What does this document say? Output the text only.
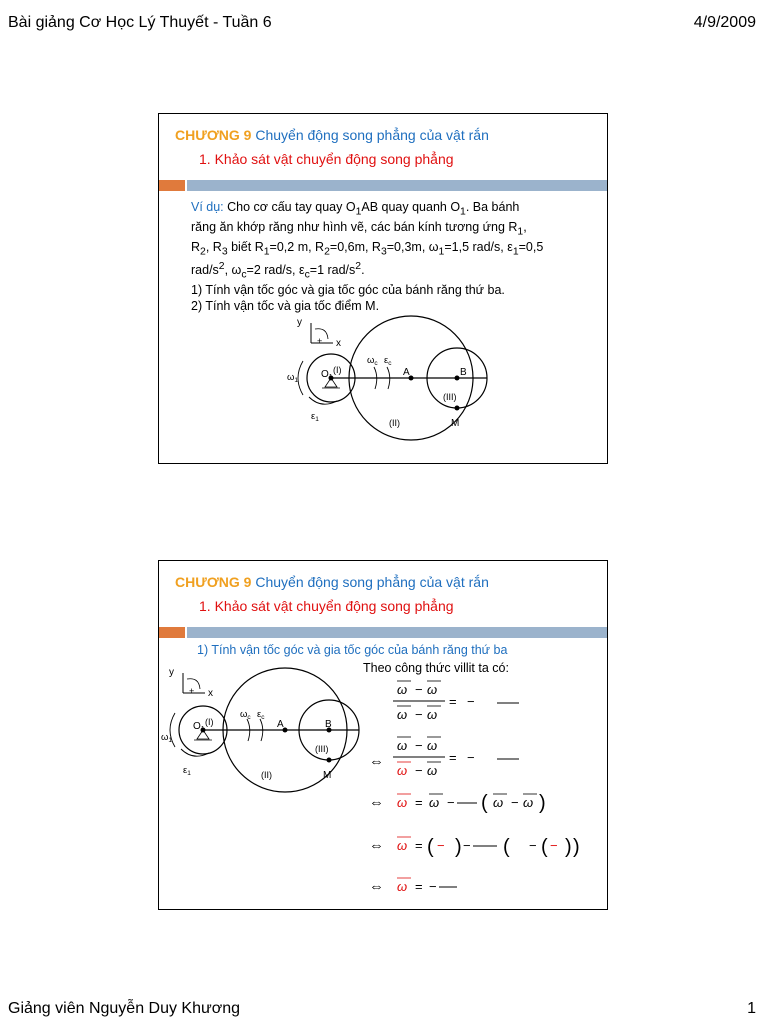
Bài giảng Cơ Học Lý Thuyết - Tuần 6	4/9/2009
Giảng viên Nguyễn Duy Khương	1
CHƯƠNG 9 Chuyển động song phẳng của vật rắn
1. Khảo sát vật chuyển động song phẳng

Ví dụ: Cho cơ cấu tay quay $O_1AB$ quay quanh $O_1$. Ba bánh

răng ăn khớp răng như hình vẽ, các bán kính tương ứng $R_1$,

$R_2$, $R_3$ biết $R_1=0,2$ m, $R_2=0,6m$, $R_3=0,3m$, $\omega_1=1,5$ rad/s, $\varepsilon_1=0,5$

rad/$s^2$, $\omega_c=2$ rad/s, $\varepsilon_c=1$ rad/$s^2$.

1) Tính vận tốc góc và gia tốc góc của bánh răng thứ ba.

2) Tính vận tốc và gia tốc điểm M.

y
x
+
$\omega_1$
$\varepsilon_1$
$O_1$
(I)
$\omega_c$ $\varepsilon_c$
A	B
(III)
(II)	M
CHƯƠNG 9 Chuyển động song phẳng của vật rắn
1. Khảo sát vật chuyển động song phẳng
1) Tính vận tốc góc và gia tốc góc của bánh răng thứ ba
Theo công thức villit ta có:
y
x
+
$\omega_1$
$\varepsilon_1$
$O_1$
(I)
$\omega_c$ $\varepsilon_c$
A	B
(III)
(II)	M
ω − ω
ω − ω
= −
⇔
ω − ω
ω − ω
= −
⇔ ω = ω − ( ω − ω )
⇔ ω = ( − ) − ( − ( − ) )
⇔ ω = −
